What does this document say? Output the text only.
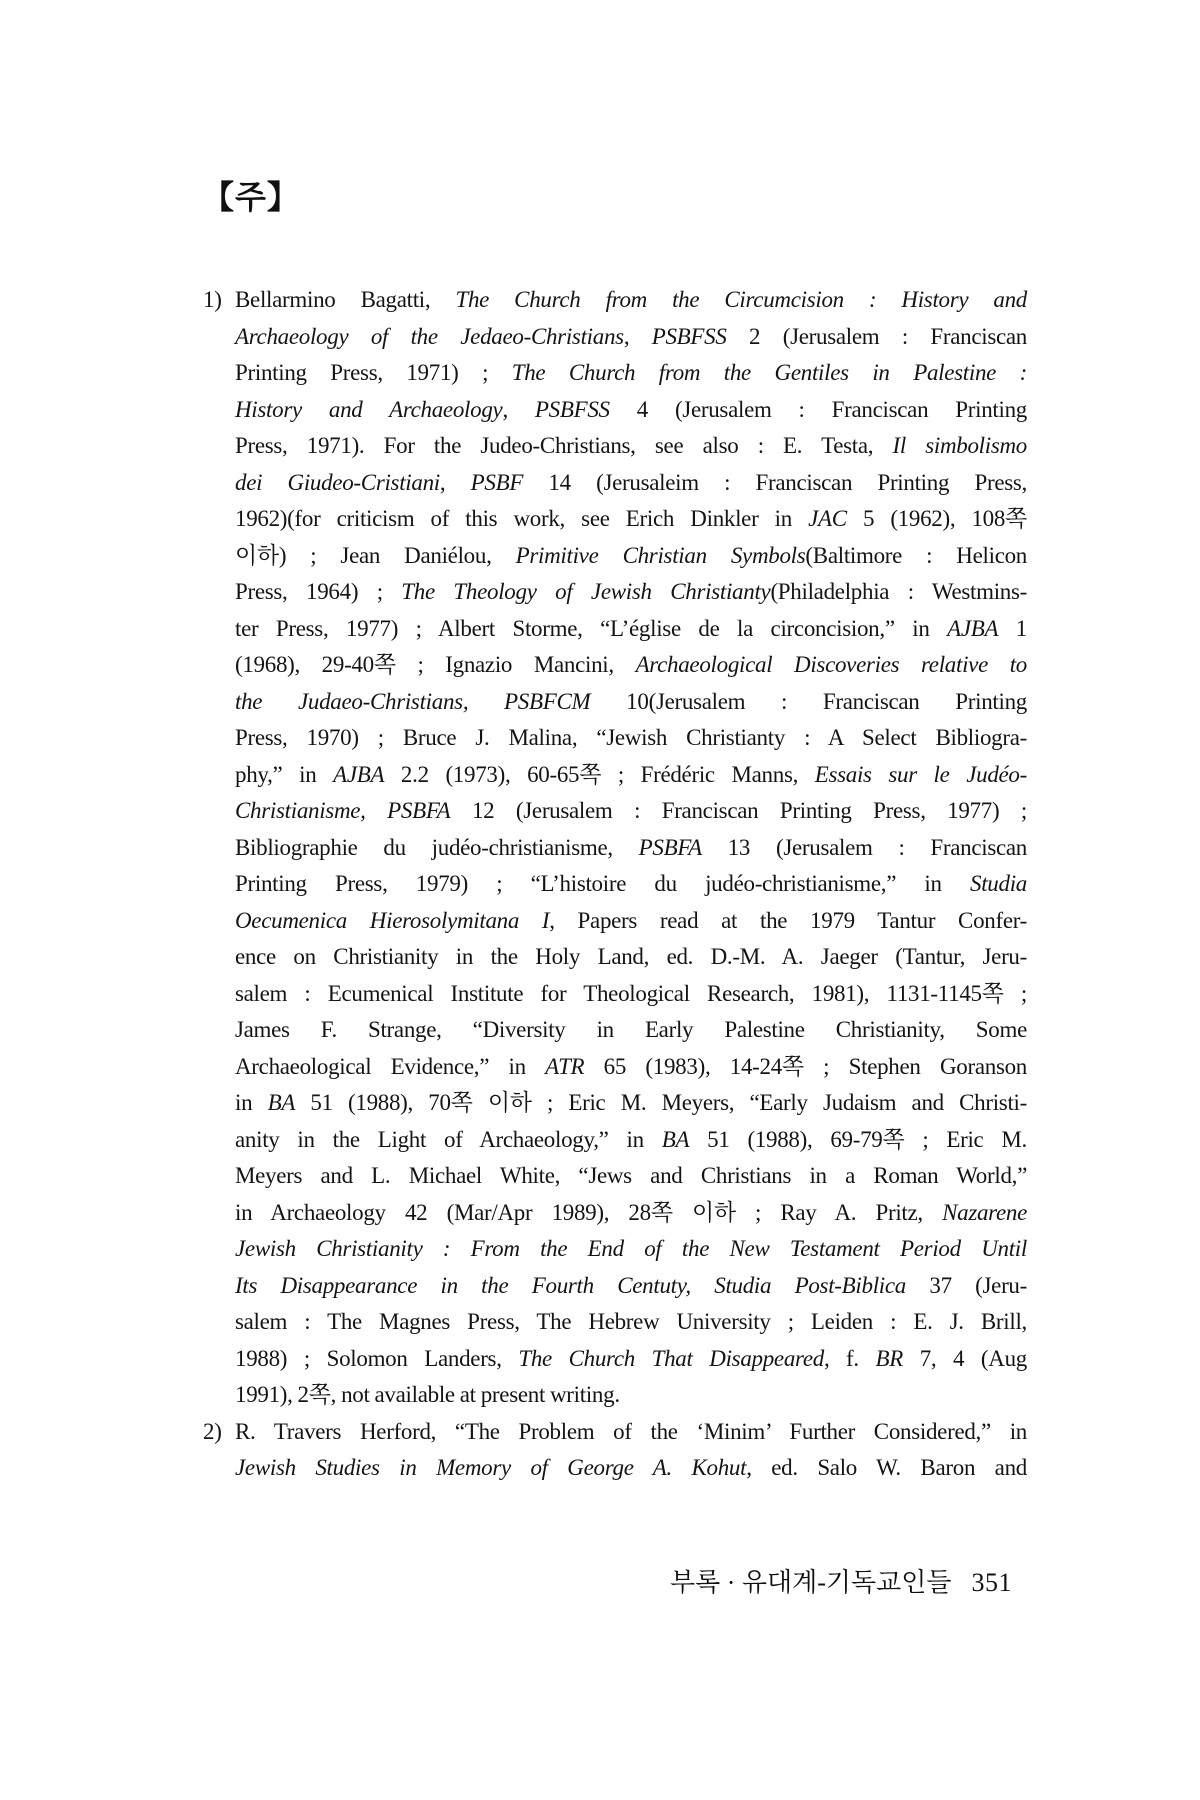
【주】
1) Bellarmino Bagatti, The Church from the Circumcision : History and
Archaeology of the Jedaeo-Christians, PSBFSS 2 (Jerusalem : Franciscan
Printing Press, 1971) ; The Church from the Gentiles in Palestine :
History and Archaeology, PSBFSS 4 (Jerusalem : Franciscan Printing
Press, 1971). For the Judeo-Christians, see also : E. Testa, Il simbolismo
dei Giudeo-Cristiani, PSBF 14 (Jerusaleim : Franciscan Printing Press,
1962)(for criticism of this work, see Erich Dinkler in JAC 5 (1962), 108쪽
이하) ; Jean Daniélou, Primitive Christian Symbols(Baltimore : Helicon
Press, 1964) ; The Theology of Jewish Christianty(Philadelphia : Westmins-
ter Press, 1977) ; Albert Storme, “L’église de la circoncision,” in AJBA 1
(1968), 29-40쪽 ; Ignazio Mancini, Archaeological Discoveries relative to
the Judaeo-Christians, PSBFCM 10(Jerusalem : Franciscan Printing
Press, 1970) ; Bruce J. Malina, “Jewish Christianty : A Select Bibliogra-
phy,” in AJBA 2.2 (1973), 60-65쪽 ; Frédéric Manns, Essais sur le Judéo-
Christianisme, PSBFA 12 (Jerusalem : Franciscan Printing Press, 1977) ;
Bibliographie du judéo-christianisme, PSBFA 13 (Jerusalem : Franciscan
Printing Press, 1979) ; “L’histoire du judéo-christianisme,” in Studia
Oecumenica Hierosolymitana I, Papers read at the 1979 Tantur Confer-
ence on Christianity in the Holy Land, ed. D.-M. A. Jaeger (Tantur, Jeru-
salem : Ecumenical Institute for Theological Research, 1981), 1131-1145쪽 ;
James F. Strange, “Diversity in Early Palestine Christianity, Some
Archaeological Evidence,” in ATR 65 (1983), 14-24쪽 ; Stephen Goranson
in BA 51 (1988), 70쪽 이하 ; Eric M. Meyers, “Early Judaism and Christi-
anity in the Light of Archaeology,” in BA 51 (1988), 69-79쪽 ; Eric M.
Meyers and L. Michael White, “Jews and Christians in a Roman World,”
in Archaeology 42 (Mar/Apr 1989), 28쪽 이하 ; Ray A. Pritz, Nazarene
Jewish Christianity : From the End of the New Testament Period Until
Its Disappearance in the Fourth Centuty, Studia Post-Biblica 37 (Jeru-
salem : The Magnes Press, The Hebrew University ; Leiden : E. J. Brill,
1988) ; Solomon Landers, The Church That Disappeared, f. BR 7, 4 (Aug
1991), 2쪽, not available at present writing.
2) R. Travers Herford, “The Problem of the ‘Minim’ Further Considered,” in
Jewish Studies in Memory of George A. Kohut, ed. Salo W. Baron and
부록 · 유대계-기독교인들 351
